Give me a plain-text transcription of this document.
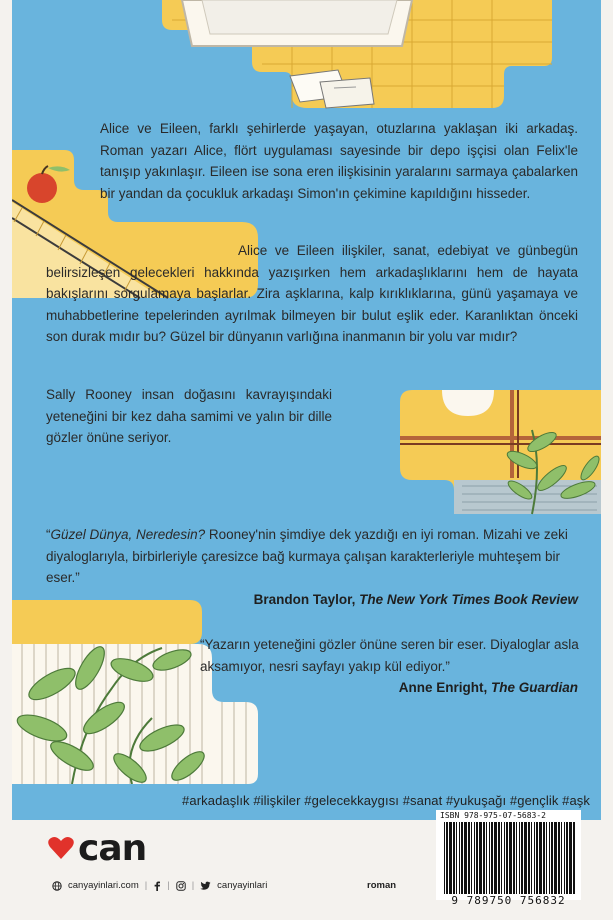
Alice ve Eileen, farklı şehirlerde yaşayan, otuzlarına yaklaşan iki arkadaş. Roman yazarı Alice, flört uygulaması sayesinde bir depo işçisi olan Felix'le tanışıp yakınlaşır. Eileen ise sona eren ilişkisinin yaralarını sarmaya çabalarken bir yandan da çocukluk arkadaşı Simon'ın çekimine kapıldığını hisseder.

Alice ve Eileen ilişkiler, sanat, edebiyat ve günbegün belirsizleşen gelecekleri hakkında yazışırken hem arkadaşlıklarını hem de hayata bakışlarını sorgulamaya başlarlar. Zira aşklarına, kalp kırıklıklarına, günü yaşamaya ve muhabbetlerine tepelerinden ayrılmak bilmeyen bir bulut eşlik eder. Karanlıktan önceki son durak mıdır bu? Güzel bir dünyanın varlığına inanmanın bir yolu var mıdır?

Sally Rooney insan doğasını kavrayışındaki yeteneğini bir kez daha samimi ve yalın bir dille gözler önüne seriyor.

“Güzel Dünya, Neredesin? Rooney'nin şimdiye dek yazdığı en iyi roman. Mizahi ve zeki diyaloglarıyla, birbirleriyle çaresizce bağ kurmaya çalışan karakterleriyle muhteşem bir eser.”

Brandon Taylor, The New York Times Book Review

“Yazarın yeteneğini gözler önüne seren bir eser. Diyaloglar asla aksamıyor, nesri sayfayı yakıp kül ediyor.”

Anne Enright, The Guardian

#arkadaşlık #ilişkiler #gelecekkaygısı #sanat #yukuşağı #gençlik #aşk

can
canyayinlari.com | | | canyayinlari	roman
ISBN 978-975-07-5683-2
9 789750 756832
